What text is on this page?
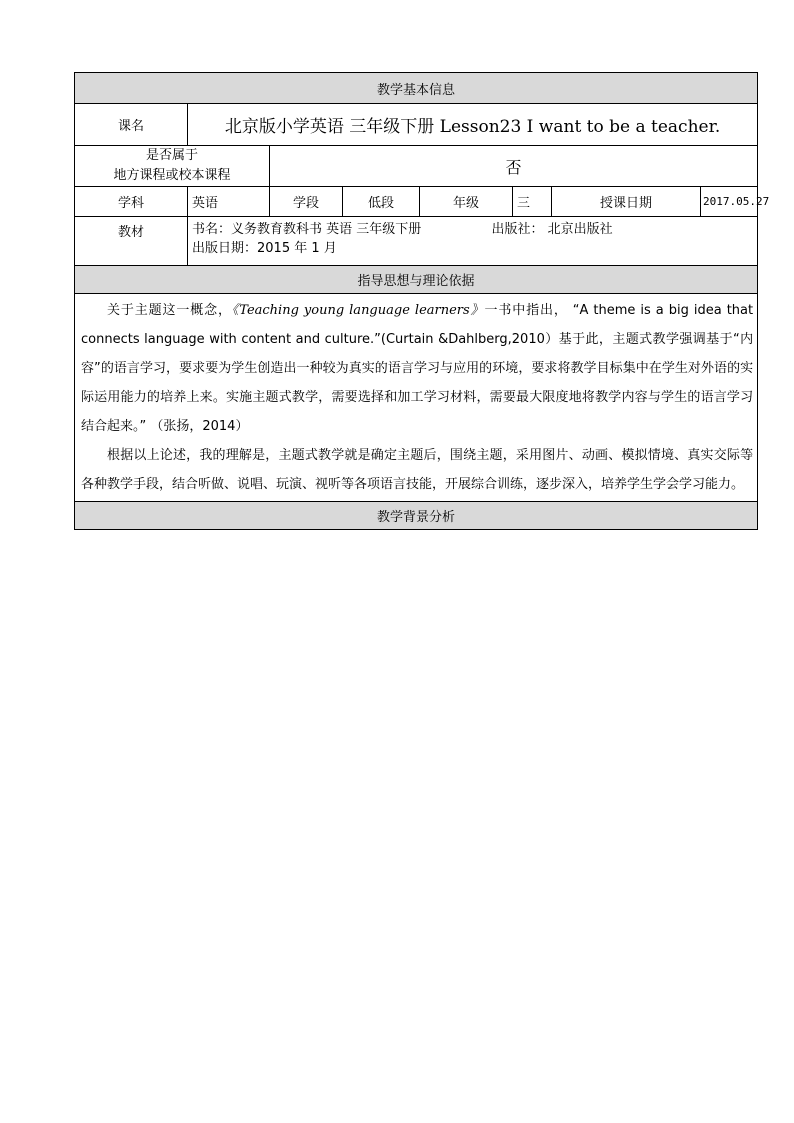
教学基本信息							
课名	北京版小学英语 三年级下册 Lesson23 I want to be a teacher.						

是否属于
地方课程或校本课程		否					
学科	英语	学段	低段	年级	三	授课日期	2017.05.27
教材	书名：义务教育教科书 英语 三年级下册 出版社： 北京出版社
出版日期：2015 年 1 月						

指导思想与理论依据							

关于主题这一概念，《Teaching young language learners》一书中指出， “A theme is a big idea that connects language with content and culture.”(Curtain &Dahlberg,2010）基于此，主题式教学强调基于“内容”的语言学习，要求要为学生创造出一种较为真实的语言学习与应用的环境，要求将教学目标集中在学生对外语的实际运用能力的培养上来。实施主题式教学，需要选择和加工学习材料，需要最大限度地将教学内容与学生的语言学习结合起来。” （张扬，2014）

根据以上论述，我的理解是，主题式教学就是确定主题后，围绕主题，采用图片、动画、模拟情境、真实交际等各种教学手段，结合听做、说唱、玩演、视听等各项语言技能，开展综合训练，逐步深入，培养学生学会学习能力。							

教学背景分析							
